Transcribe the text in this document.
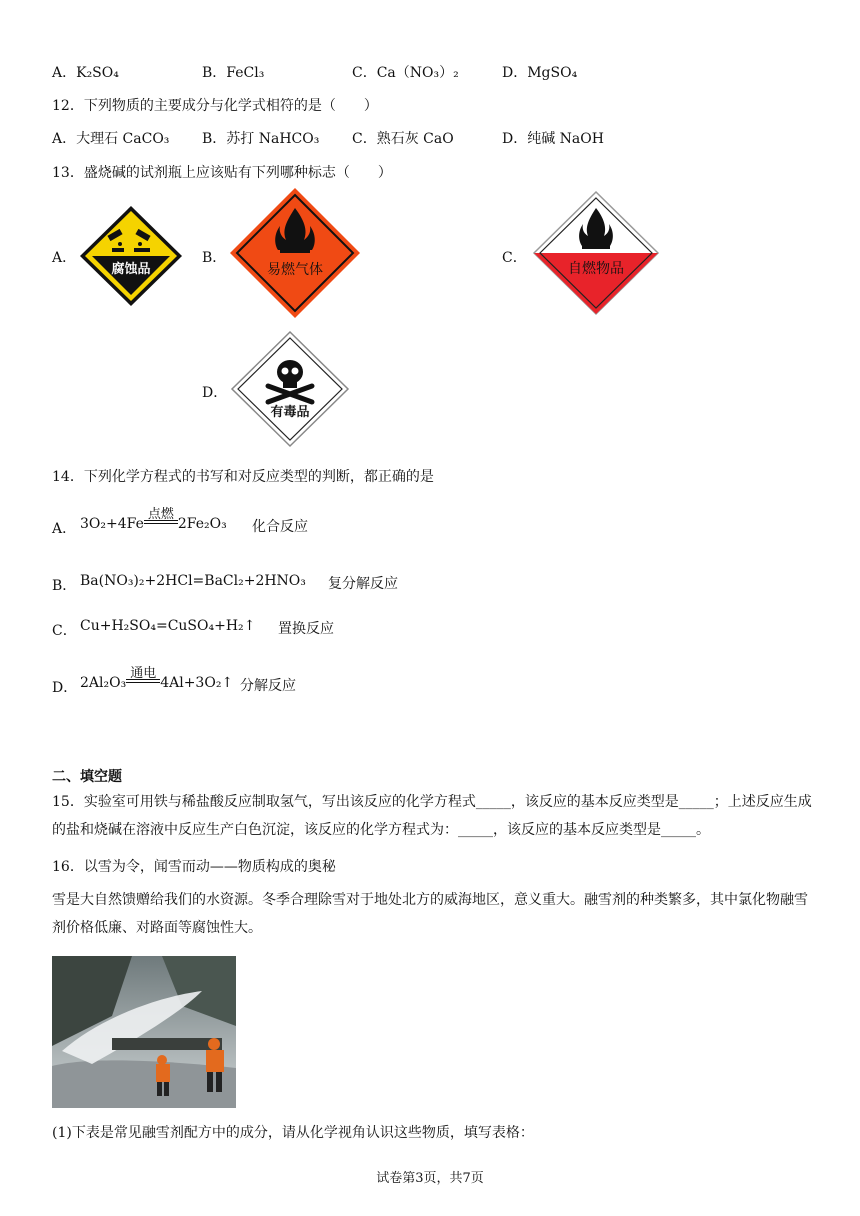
A．K₂SO₄	B．FeCl₃	C．Ca（NO₃）₂	D．MgSO₄
12．下列物质的主要成分与化学式相符的是（　　）
A．大理石 CaCO₃ B．苏打 NaHCO₃ C．熟石灰 CaO	D．纯碱 NaOH
13．盛烧碱的试剂瓶上应该贴有下列哪种标志（　　）
A．
腐蚀品
B．
易燃气体
C．
自燃物品
D．
有毒品
14．下列化学方程式的书写和对反应类型的判断，都正确的是
A． 3O₂+4Fe
点燃
2Fe₂O₃ 化合反应
B． Ba(NO₃)₂+2HCl=BaCl₂+2HNO₃ 复分解反应
C． Cu+H₂SO₄=CuSO₄+H₂↑ 置换反应
D． 2Al₂O₃
通电
4Al+3O₂↑ 分解反应
二、填空题
15．实验室可用铁与稀盐酸反应制取氢气，写出该反应的化学方程式_____，该反应的基本反应类型是_____；上述反应生成的盐和烧碱在溶液中反应生产白色沉淀，该反应的化学方程式为：_____，该反应的基本反应类型是_____。
16．以雪为令，闻雪而动——物质构成的奥秘
雪是大自然馈赠给我们的水资源。冬季合理除雪对于地处北方的威海地区，意义重大。融雪剂的种类繁多，其中氯化物融雪剂价格低廉、对路面等腐蚀性大。
(1)下表是常见融雪剂配方中的成分，请从化学视角认识这些物质，填写表格：
试卷第3页，共7页
